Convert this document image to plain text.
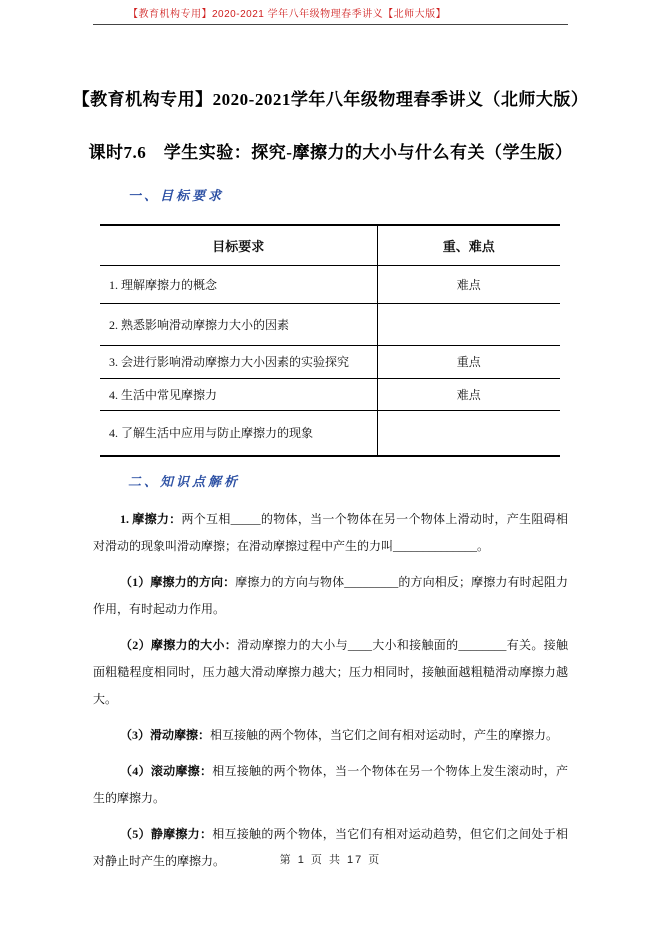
【教育机构专用】2020-2021 学年八年级物理春季讲义【北师大版】
【教育机构专用】2020-2021学年八年级物理春季讲义（北师大版）
课时7.6　学生实验：探究-摩擦力的大小与什么有关（学生版）
一、目标要求
目标要求	重、难点
1. 理解摩擦力的概念	难点
2. 熟悉影响滑动摩擦力大小的因素	
3. 会进行影响滑动摩擦力大小因素的实验探究	重点
4. 生活中常见摩擦力	难点
4. 了解生活中应用与防止摩擦力的现象	
二、知识点解析

1. 摩擦力：两个互相_____的物体，当一个物体在另一个物体上滑动时，产生阻碍相对滑动的现象叫滑动摩擦；在滑动摩擦过程中产生的力叫______________。

（1）摩擦力的方向：摩擦力的方向与物体_________的方向相反；摩擦力有时起阻力作用，有时起动力作用。

（2）摩擦力的大小：滑动摩擦力的大小与____大小和接触面的________有关。接触面粗糙程度相同时，压力越大滑动摩擦力越大；压力相同时，接触面越粗糙滑动摩擦力越大。

（3）滑动摩擦：相互接触的两个物体，当它们之间有相对运动时，产生的摩擦力。

（4）滚动摩擦：相互接触的两个物体，当一个物体在另一个物体上发生滚动时，产生的摩擦力。

（5）静摩擦力：相互接触的两个物体，当它们有相对运动趋势，但它们之间处于相对静止时产生的摩擦力。	第 1 页 共 17 页
